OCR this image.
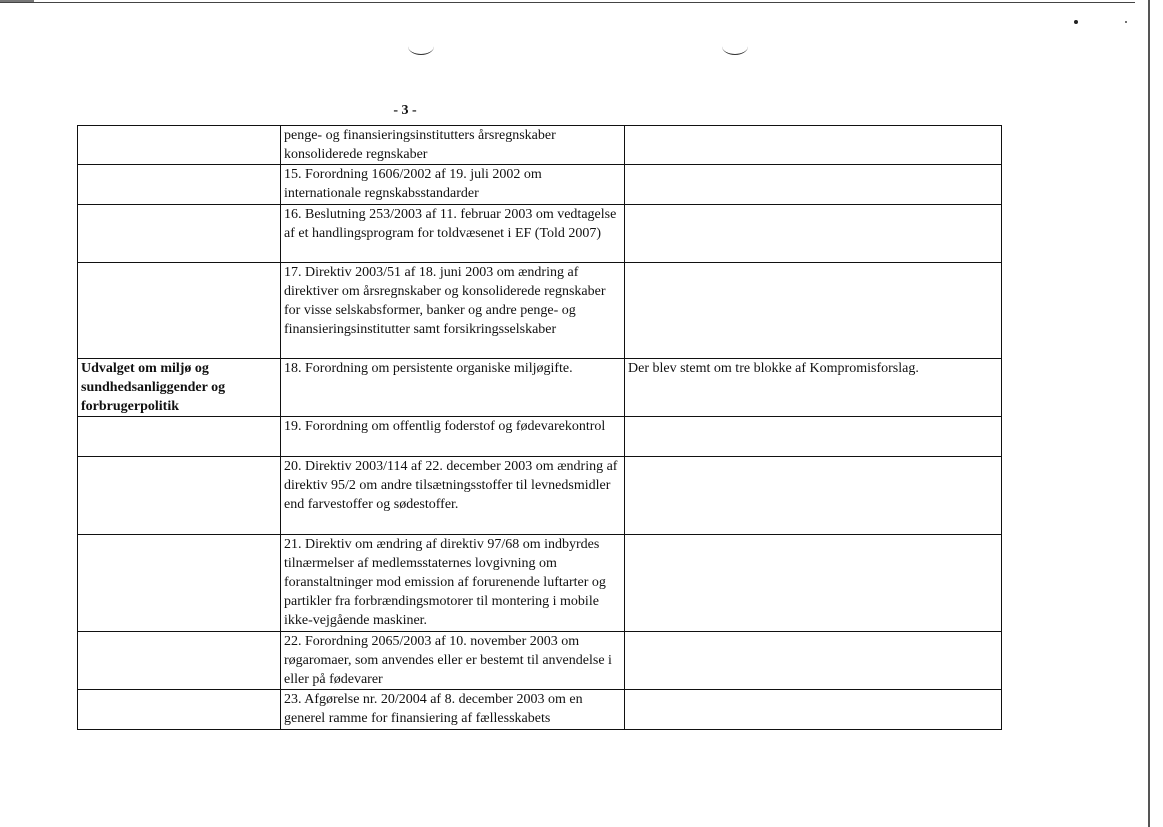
- 3 -
	penge- og finansieringsinstitutters årsregnskaber konsoliderede regnskaber	
	15. Forordning 1606/2002 af 19. juli 2002 om internationale regnskabsstandarder	
	16. Beslutning 253/2003 af 11. februar 2003 om vedtagelse af et handlingsprogram for toldvæsenet i EF (Told 2007)	
	17. Direktiv 2003/51 af 18. juni 2003 om ændring af direktiver om årsregnskaber og konsoliderede regnskaber for visse selskabsformer, banker og andre penge- og finansieringsinstitutter samt forsikringsselskaber	
Udvalget om miljø og sundhedsanliggender og forbrugerpolitik	18. Forordning om persistente organiske miljøgifte.	Der blev stemt om tre blokke af Kompromisforslag.
	19. Forordning om offentlig foderstof og fødevarekontrol	
	20. Direktiv 2003/114 af 22. december 2003 om ændring af direktiv 95/2 om andre tilsætningsstoffer til levnedsmidler end farvestoffer og sødestoffer.	
	21. Direktiv om ændring af direktiv 97/68 om indbyrdes tilnærmelser af medlemsstaternes lovgivning om foranstaltninger mod emission af forurenende luftarter og partikler fra forbrændingsmotorer til montering i mobile ikke-vejgående maskiner.	
	22. Forordning 2065/2003 af 10. november 2003 om røgaromaer, som anvendes eller er bestemt til anvendelse i eller på fødevarer	
	23. Afgørelse nr. 20/2004 af 8. december 2003 om en generel ramme for finansiering af fællesskabets	
